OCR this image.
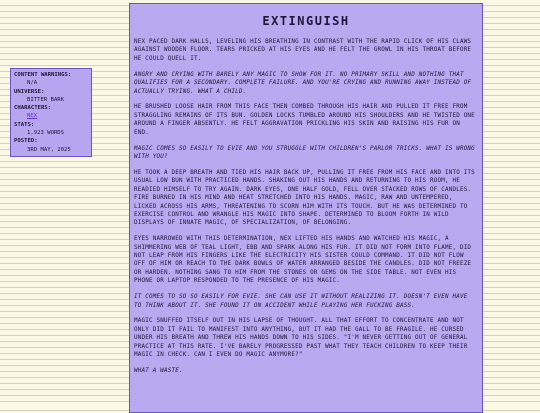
CONTENT WARNINGS:
N/A
UNIVERSE:
BITTER BARK
CHARACTERS:
NEX
STATS:
1,923 WORDS
POSTED:
3RD MAY, 2025
EXTINGUISH

NEX PACED DARK HALLS, LEVELING HIS BREATHING IN CONTRAST WITH THE RAPID CLICK OF HIS CLAWS AGAINST WOODEN FLOOR. TEARS PRICKED AT HIS EYES AND HE FELT THE GROWL IN HIS THROAT BEFORE HE COULD QUELL IT.

ANGRY AND CRYING WITH BARELY ANY MAGIC TO SHOW FOR IT. NO PRIMARY SKILL AND NOTHING THAT QUALIFIES FOR A SECONDARY. COMPLETE FAILURE. AND YOU'RE CRYING AND RUNNING AWAY INSTEAD OF ACTUALLY TRYING. WHAT A CHILD.

HE BRUSHED LOOSE HAIR FROM THIS FACE THEN COMBED THROUGH HIS HAIR AND PULLED IT FREE FROM STRAGGLING REMAINS OF ITS BUN. GOLDEN LOCKS TUMBLED AROUND HIS SHOULDERS AND HE TWISTED ONE AROUND A FINGER ABSENTLY. HE FELT AGGRAVATION PRICKLING HIS SKIN AND RAISING HIS FUR ON END.

MAGIC COMES SO EASILY TO EVIE AND YOU STRUGGLE WITH CHILDREN'S PARLOR TRICKS. WHAT IS WRONG WITH YOU?

HE TOOK A DEEP BREATH AND TIED HIS HAIR BACK UP, PULLING IT FREE FROM HIS FACE AND INTO ITS USUAL LOW BUN WITH PRACTICED HANDS. SHAKING OUT HIS HANDS AND RETURNING TO HIS ROOM, HE READIED HIMSELF TO TRY AGAIN. DARK EYES, ONE HALF GOLD, FELL OVER STACKED ROWS OF CANDLES. FIRE BURNED IN HIS MIND AND HEAT STRETCHED INTO HIS HANDS. MAGIC, RAW AND UNTEMPERED, LICKED ACROSS HIS ARMS, THREATENING TO SCORN HIM WITH ITS TOUCH. BUT HE WAS DETERMINED TO EXERCISE CONTROL AND WRANGLE HIS MAGIC INTO SHAPE. DETERMINED TO BLOOM FORTH IN WILD DISPLAYS OF INNATE MAGIC, OF SPECIALIZATION, OF BELONGING.

EYES NARROWED WITH THIS DETERMINATION, NEX LIFTED HIS HANDS AND WATCHED HIS MAGIC, A SHIMMERING WEB OF TEAL LIGHT, EBB AND SPARK ALONG HIS FUR. IT DID NOT FORM INTO FLAME, DID NOT LEAP FROM HIS FINGERS LIKE THE ELECTRICITY HIS SISTER COULD COMMAND. IT DID NOT FLOW OFF OF HIM OR REACH TO THE DARK BOWLS OF WATER ARRANGED BESIDE THE CANDLES. DID NOT FREEZE OR HARDEN. NOTHING SANG TO HIM FROM THE STONES OR GEMS ON THE SIDE TABLE. NOT EVEN HIS PHONE OR LAPTOP RESPONDED TO THE PRESENCE OF HIS MAGIC.

IT COMES TO SO SO EASILY FOR EVIE. SHE CAN USE IT WITHOUT REALIZING IT. DOESN'T EVEN HAVE TO THINK ABOUT IT. SHE FOUND IT ON ACCIDENT WHILE PLAYING HER FUCKING BASS.

MAGIC SNUFFED ITSELF OUT IN HIS LAPSE OF THOUGHT. ALL THAT EFFORT TO CONCENTRATE AND NOT ONLY DID IT FAIL TO MANIFEST INTO ANYTHING, BUT IT HAD THE GALL TO BE FRAGILE. HE CURSED UNDER HIS BREATH AND THREW HIS HANDS DOWN TO HIS SIDES. "I'M NEVER GETTING OUT OF GENERAL PRACTICE AT THIS RATE. I'VE BARELY PROGRESSED PAST WHAT THEY TEACH CHILDREN TO KEEP THEIR MAGIC IN CHECK. CAN I EVEN DO MAGIC ANYMORE?"

WHAT A WASTE.
